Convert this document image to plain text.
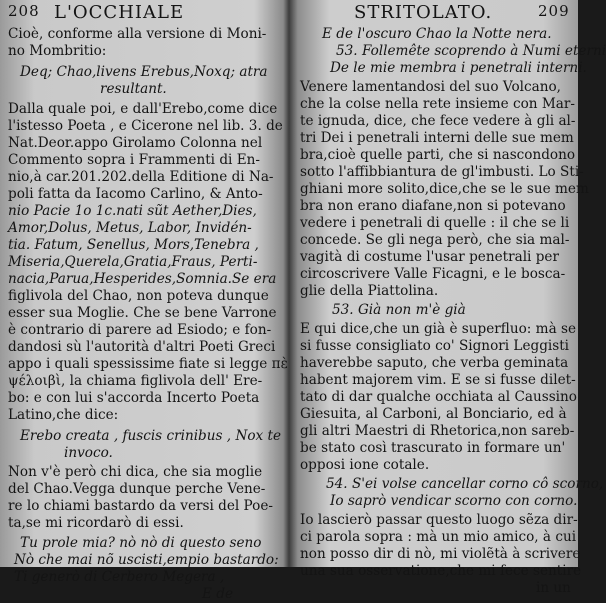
208 L'OCCHIALE
Cioè, conforme alla versione di Moni-
no Mombritio:
Deq; Chao,livens Erebus,Noxq; atra
resultant.
Dalla quale poi, e dall'Erebo,come dice
l'istesso Poeta , e Cicerone nel lib. 3. de
Nat.Deor.appo Girolamo Colonna nel
Commento sopra i Frammenti di En-
nio,à car.201.202.della Editione di Na-
poli fatta da Iacomo Carlino, & Anto-
nio Pacie 1o 1c.nati sũt Aether,Dies,
Amor,Dolus, Metus, Labor, Invidén-
tia. Fatum, Senellus, Mors,Tenebra ,
Miseria,Querela,Gratia,Fraus, Perti-
nacia,Parua,Hesperides,Somnia.Se era
figlivola del Chao, non poteva dunque
esser sua Moglie. Che se bene Varrone
è contrario di parere ad Esiodo; e fon-
dandosi sù l'autorità d'altri Poeti Greci
appo i quali spessissime fiate si legge πὲ
ψέλοιβὶ, la chiama figlivola dell' Ere-
bo: e con lui s'accorda Incerto Poeta
Latino,che dice:
Erebo creata , fuscis crinibus , Nox te
invoco.
Non v'è però chi dica, che sia moglie
del Chao.Vegga dunque perche Vene-
re lo chiami bastardo da versi del Poe-
ta,se mi ricordarò di essi.
Tu prole mia? nò nò di questo seno
Nò che mai nõ uscisti,empio bastardo:
Ti generò di Cerbero Megera ,
E de
STRITOLATO.	209
E de l'oscuro Chao la Notte nera.
53. Follemête scoprendo à Numi eterni
De le mie membra i penetrali interni.
Venere lamentandosi del suo Volcano,
che la colse nella rete insieme con Mar-
te ignuda, dice, che fece vedere à gli al-
tri Dei i penetrali interni delle sue mem
bra,cioè quelle parti, che si nascondono
sotto l'affibbiantura de gl'imbusti. Lo Sti-
ghiani more solito,dice,che se le sue mem
bra non erano diafane,non si potevano
vedere i penetrali di quelle : il che se li
concede. Se gli nega però, che sia mal-
vagità di costume l'usar penetrali per
circoscrivere Valle Ficagni, e le boscа-
glie della Piattolina.
53. Già non m'è già
E qui dice,che un già è superfluo: mà se
si fusse consigliato co' Signori Leggisti
haverebbe saputo, che verba geminata
habent majorem vim. E se si fusse dilet-
tato di dar qualche occhiata al Caussino
Giesuita, al Carboni, al Bonciario, ed à
gli altri Maestri di Rhetorica,non sareb-
be stato così trascurato in formare un'
opposi ione cotale.
54. S'ei volse cancellar corno cô scorno,
Io saprò vendicar scorno con corno.
Io lascierò passar questo luogo sẽza dir-
ci parola sopra : mà un mio amico, à cui
non posso dir di nò, mi violẽtà à scrivere
una sua osservatione,che mi fece sentire
in un
